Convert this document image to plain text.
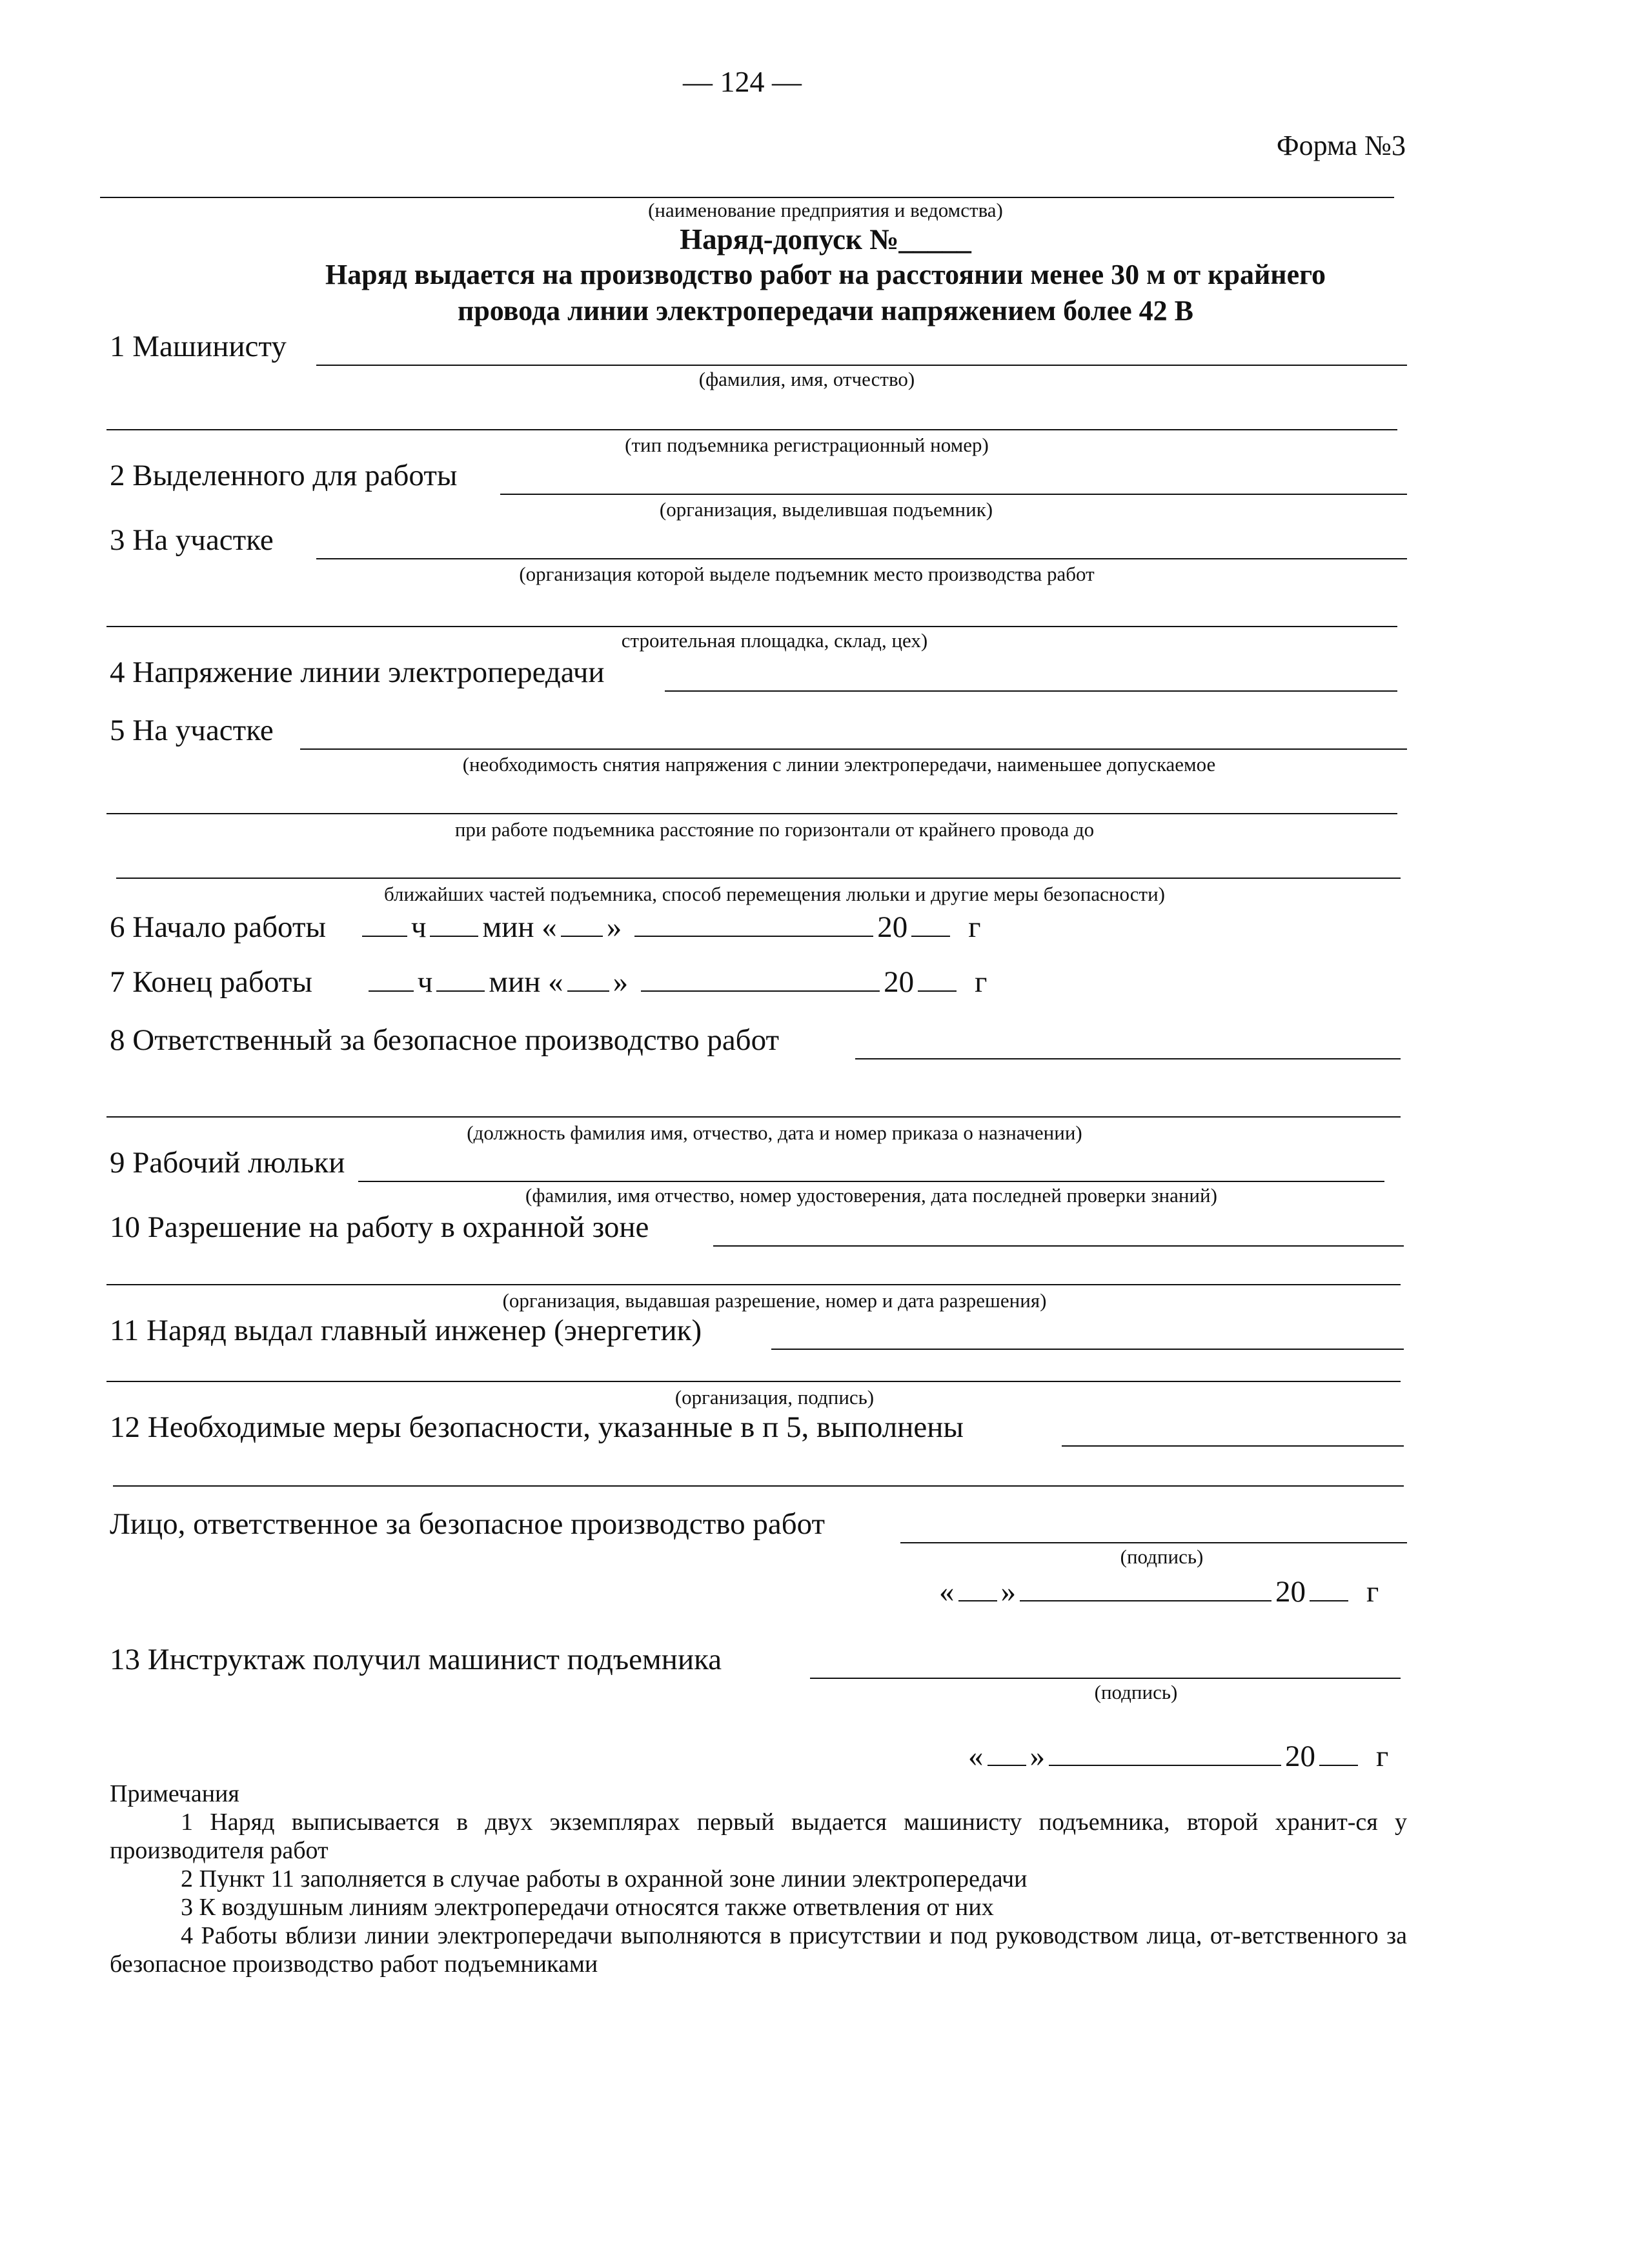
— 124 —
Форма №3
(наименование предприятия и ведомства)
Наряд-допуск №_____
Наряд выдается на производство работ на расстоянии менее 30 м от крайнего
провода линии электропередачи напряжением более 42 В
1 Машинисту
(фамилия, имя, отчество)
(тип подъемника регистрационный номер)
2 Выделенного для работы
(организация, выделившая подъемник)
3 На участке
(организация которой выделе подъемник место производства работ
строительная площадка, склад, цех)
4 Напряжение линии электропередачи
5 На участке
(необходимость снятия напряжения с линии электропередачи, наименьшее допускаемое
при работе подъемника расстояние по горизонтали от крайнего провода до
ближайших частей подъемника, способ перемещения люльки и другие меры безопасности)
6 Начало работы	ч мин « »	20 г
7 Конец работы	ч мин « »	20 г
8 Ответственный за безопасное производство работ
(должность фамилия имя, отчество, дата и номер приказа о назначении)
9 Рабочий люльки
(фамилия, имя отчество, номер удостоверения, дата последней проверки знаний)
10 Разрешение на работу в охранной зоне
(организация, выдавшая разрешение, номер и дата разрешения)
11 Наряд выдал главный инженер (энергетик)
(организация, подпись)
12 Необходимые меры безопасности, указанные в п 5, выполнены
Лицо, ответственное за безопасное производство работ
(подпись)
« »	20 г
13 Инструктаж получил машинист подъемника
(подпись)
« »	20 г

Примечания

1 Наряд выписывается в двух экземплярах первый выдается машинисту подъемника, второй хранит-ся у производителя работ

2 Пункт 11 заполняется в случае работы в охранной зоне линии электропередачи

3 К воздушным линиям электропередачи относятся также ответвления от них

4 Работы вблизи линии электропередачи выполняются в присутствии и под руководством лица, от-ветственного за безопасное производство работ подъемниками
